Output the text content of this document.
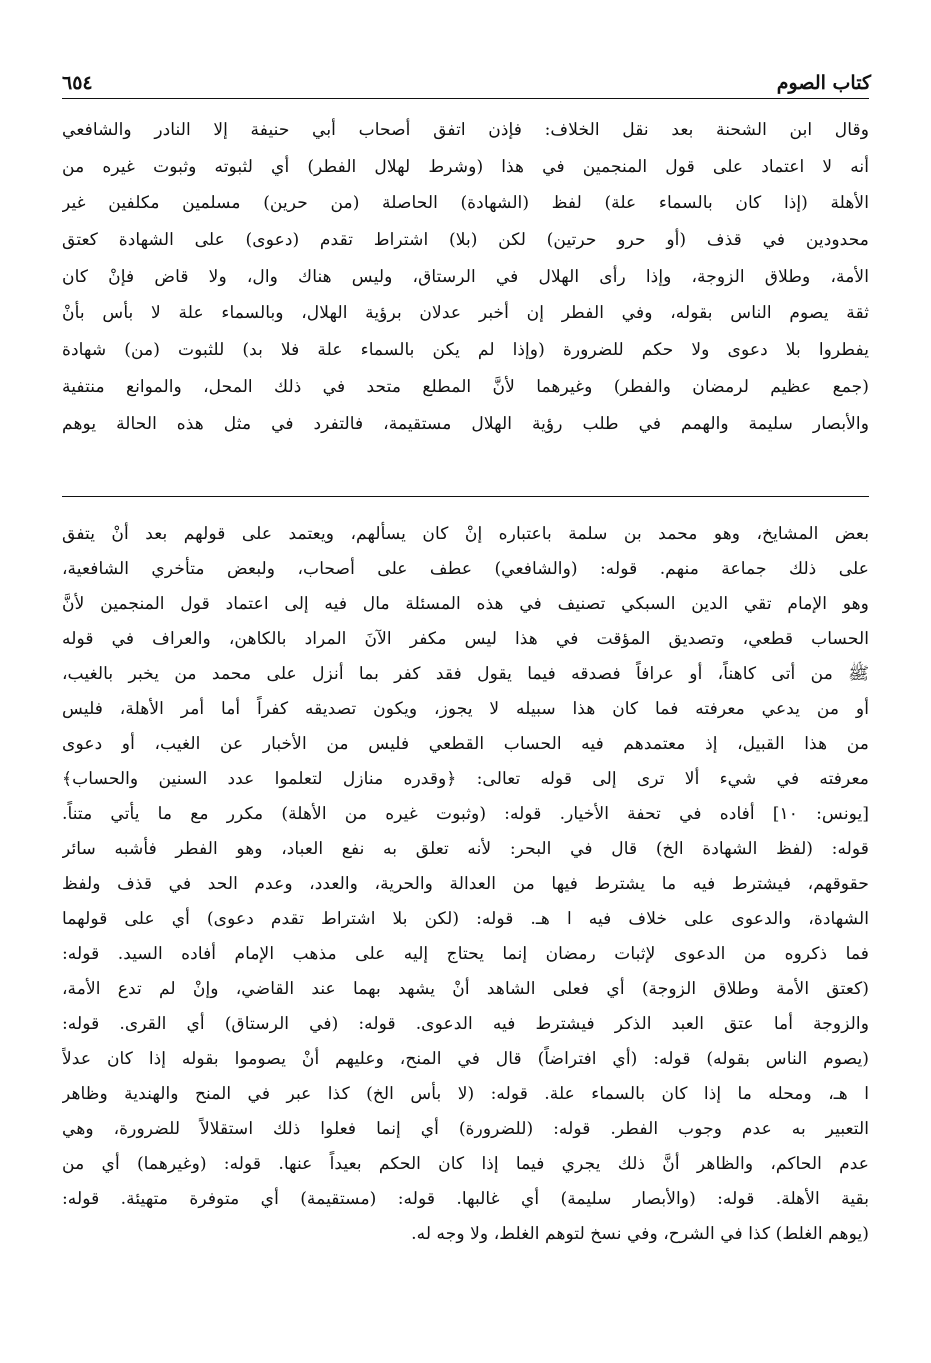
كتاب الصوم
٦٥٤
وقال ابن الشحنة بعد نقل الخلاف: فإذن اتفق أصحاب أبي حنيفة إلا النادر والشافعي
أنه لا اعتماد على قول المنجمين في هذا (وشرط لهلال الفطر) أي لثبوته وثبوت غيره من
الأهلة (إذا كان بالسماء علة) لفظ (الشهادة) الحاصلة (من حرين) مسلمين مكلفين غير
محدودين في قذف (أو حرو حرتين) لكن (بلا) اشتراط تقدم (دعوى) على الشهادة كعتق
الأمة، وطلاق الزوجة، وإذا رأى الهلال في الرستاق، وليس هناك وال، ولا قاض فإنْ كان
ثقة يصوم الناس بقوله، وفي الفطر إن أخبر عدلان برؤية الهلال، وبالسماء علة لا بأس بأنْ
يفطروا بلا دعوى ولا حكم للضرورة (وإذا لم يكن بالسماء علة فلا بد) للثبوت (من) شهادة
(جمع عظيم لرمضان والفطر) وغيرهما لأنَّ المطلع متحد في ذلك المحل، والموانع منتفية
والأبصار سليمة والهمم في طلب رؤية الهلال مستقيمة، فالتفرد في مثل هذه الحالة يوهم
بعض المشايخ، وهو محمد بن سلمة باعتباره إنْ كان يسألهم، ويعتمد على قولهم بعد أنْ يتفق
على ذلك جماعة منهم. قوله: (والشافعي) عطف على أصحاب، ولبعض متأخري الشافعية،
وهو الإمام تقي الدين السبكي تصنيف في هذه المسئلة مال فيه إلى اعتماد قول المنجمين لأنَّ
الحساب قطعي، وتصديق المؤقت في هذا ليس مكفر الآنَ المراد بالكاهن، والعراف في قوله
ﷺ من أتى كاهناً، أو عرافاً فصدقه فيما يقول فقد كفر بما أنزل على محمد من يخبر بالغيب،
أو من يدعي معرفته فما كان هذا سبيله لا يجوز، ويكون تصديقه كفراً أما أمر الأهلة، فليس
من هذا القبيل، إذ معتمدهم فيه الحساب القطعي فليس من الأخبار عن الغيب، أو دعوى
معرفته في شيء ألا ترى إلى قوله تعالى: ﴿وقدره منازل لتعلموا عدد السنين والحساب﴾
[يونس: ١٠] أفاده في تحفة الأخيار. قوله: (وثبوت غيره من الأهلة) مكرر مع ما يأتي متناً.
قوله: (لفظ الشهادة الخ) قال في البحر: لأنه تعلق به نفع العباد، وهو الفطر فأشبه سائر
حقوقهم، فيشترط فيه ما يشترط فيها من العدالة والحرية، والعدد، وعدم الحد في قذف ولفظ
الشهادة، والدعوى على خلاف فيه ا هـ. قوله: (لكن بلا اشتراط تقدم دعوى) أي على قولهما
فما ذكروه من الدعوى لإثبات رمضان إنما يحتاج إليه على مذهب الإمام أفاده السيد. قوله:
(كعتق الأمة وطلاق الزوجة) أي فعلى الشاهد أنْ يشهد بهما عند القاضي، وإنْ لم تدع الأمة،
والزوجة أما عتق العبد الذكر فيشترط فيه الدعوى. قوله: (في الرستاق) أي القرى. قوله:
(يصوم الناس بقوله) قوله: (أي افتراضاً) قال في المنح، وعليهم أنْ يصوموا بقوله إذا كان عدلاً
ا هـ، ومحله ما إذا كان بالسماء علة. قوله: (لا بأس الخ) كذا عبر في المنح والهندية وظاهر
التعبير به عدم وجوب الفطر. قوله: (للضرورة) أي إنما فعلوا ذلك استقلالاً للضرورة، وهي
عدم الحاكم، والظاهر أنَّ ذلك يجري فيما إذا كان الحكم بعيداً عنها. قوله: (وغيرهما) أي من
بقية الأهلة. قوله: (والأبصار سليمة) أي غالبها. قوله: (مستقيمة) أي متوفرة متهيئة. قوله:
(يوهم الغلط) كذا في الشرح، وفي نسخ لتوهم الغلط، ولا وجه له.
